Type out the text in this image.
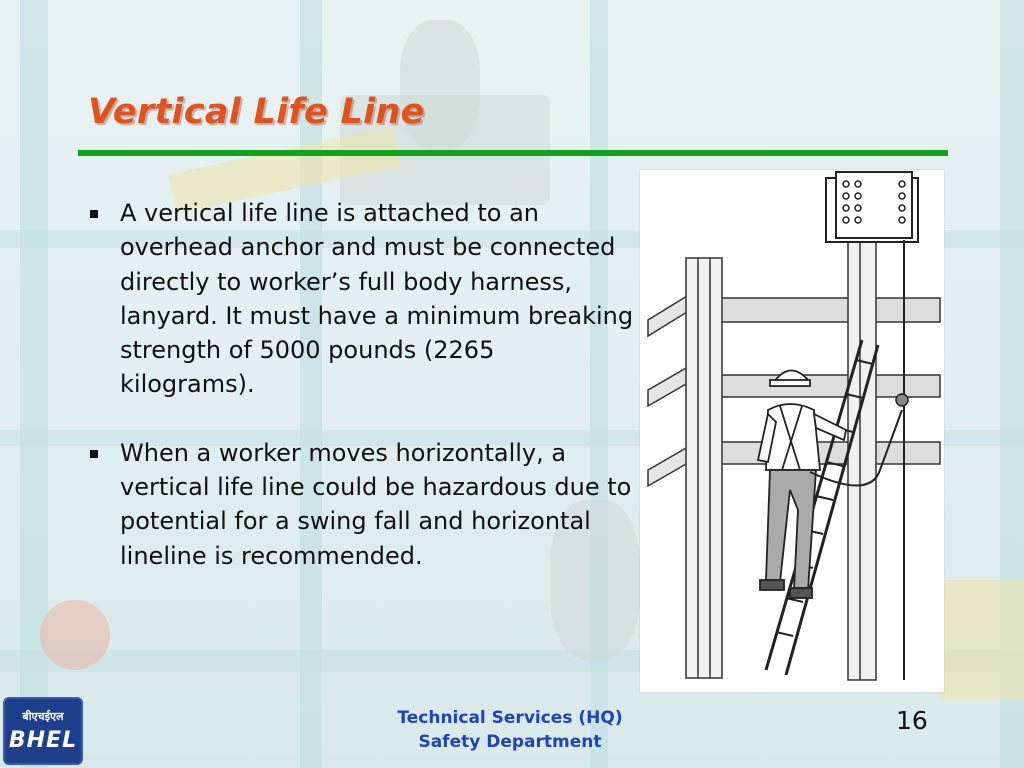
Vertical Life Line
A vertical life line is attached to an overhead anchor and must be connected directly to worker’s full body harness, lanyard. It must have a minimum breaking strength of 5000 pounds (2265 kilograms).
When a worker moves horizontally, a vertical life line could be hazardous due to potential for a swing fall and horizontal lineline is recommended.
बीएचईएल
BHEL
Technical Services (HQ)
Safety Department
16
